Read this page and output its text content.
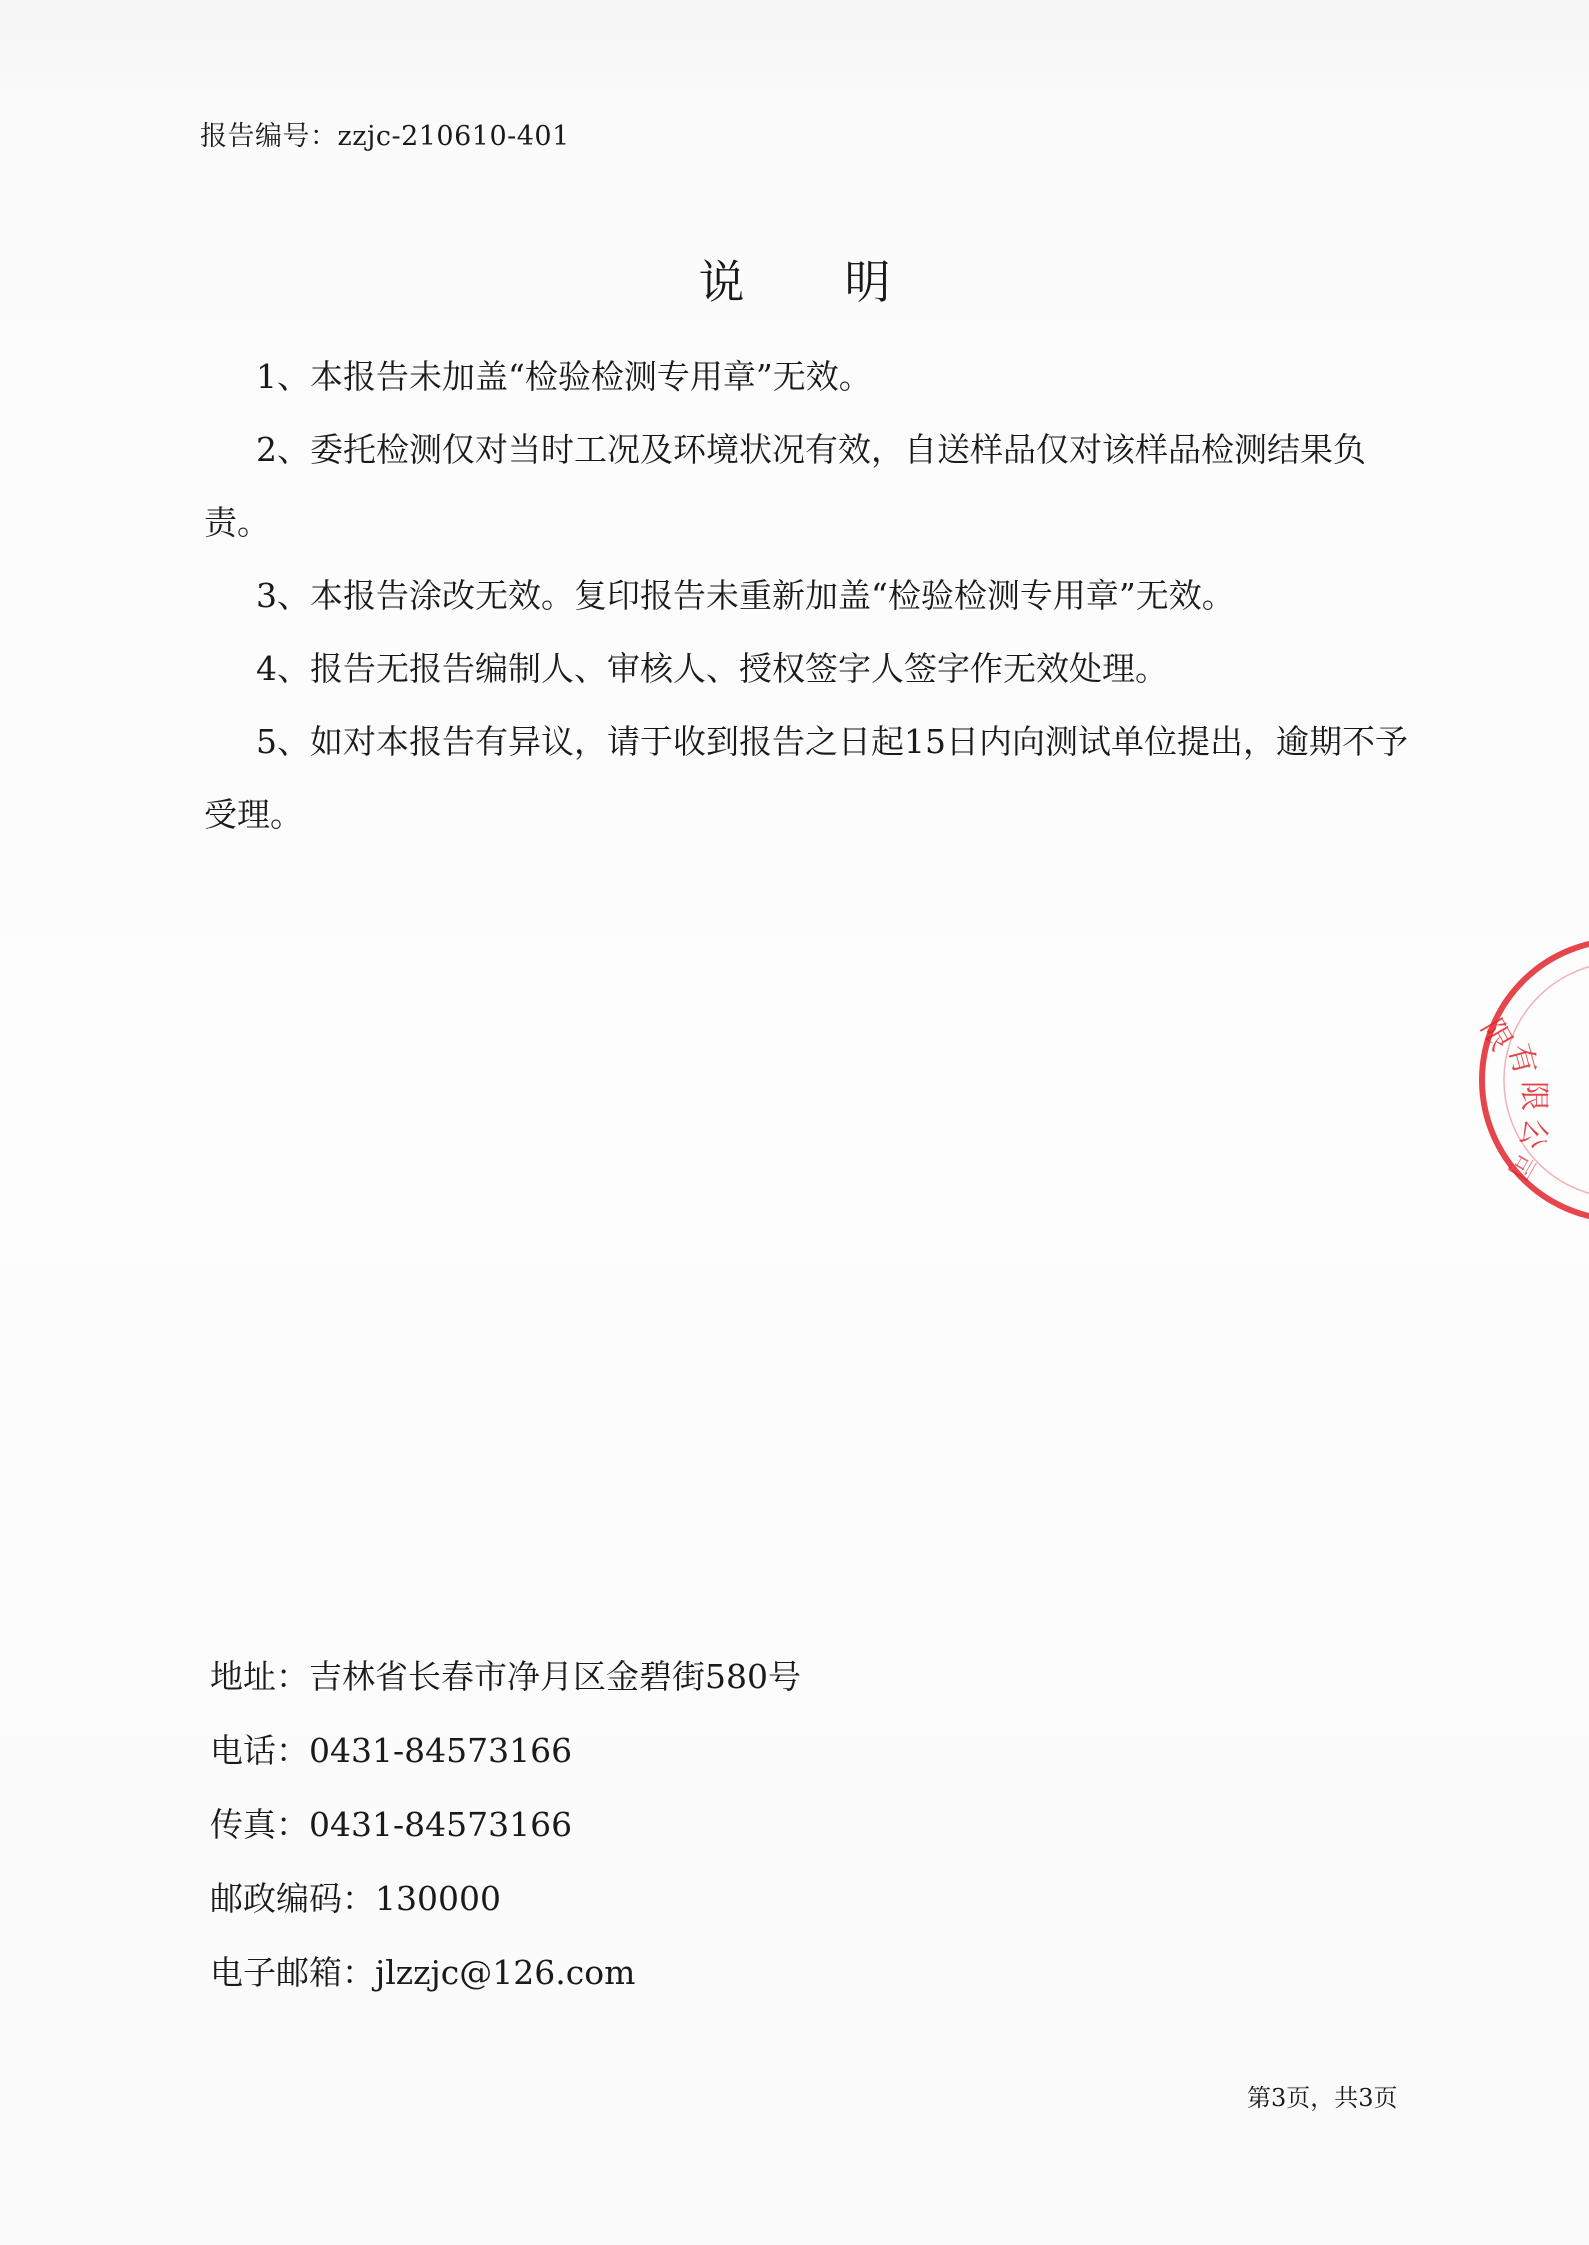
报告编号：zzjc-210610-401
说明

1、本报告未加盖“检验检测专用章”无效。

2、委托检测仅对当时工况及环境状况有效，自送样品仅对该样品检测结果负责。

3、本报告涂改无效。复印报告未重新加盖“检验检测专用章”无效。

4、报告无报告编制人、审核人、授权签字人签字作无效处理。

5、如对本报告有异议，请于收到报告之日起15日内向测试单位提出，逾期不予受理。

限
有
限
公
司
地址：吉林省长春市净月区金碧街580号
电话：0431-84573166
传真：0431-84573166
邮政编码：130000
电子邮箱：jlzzjc@126.com
第3页，共3页
